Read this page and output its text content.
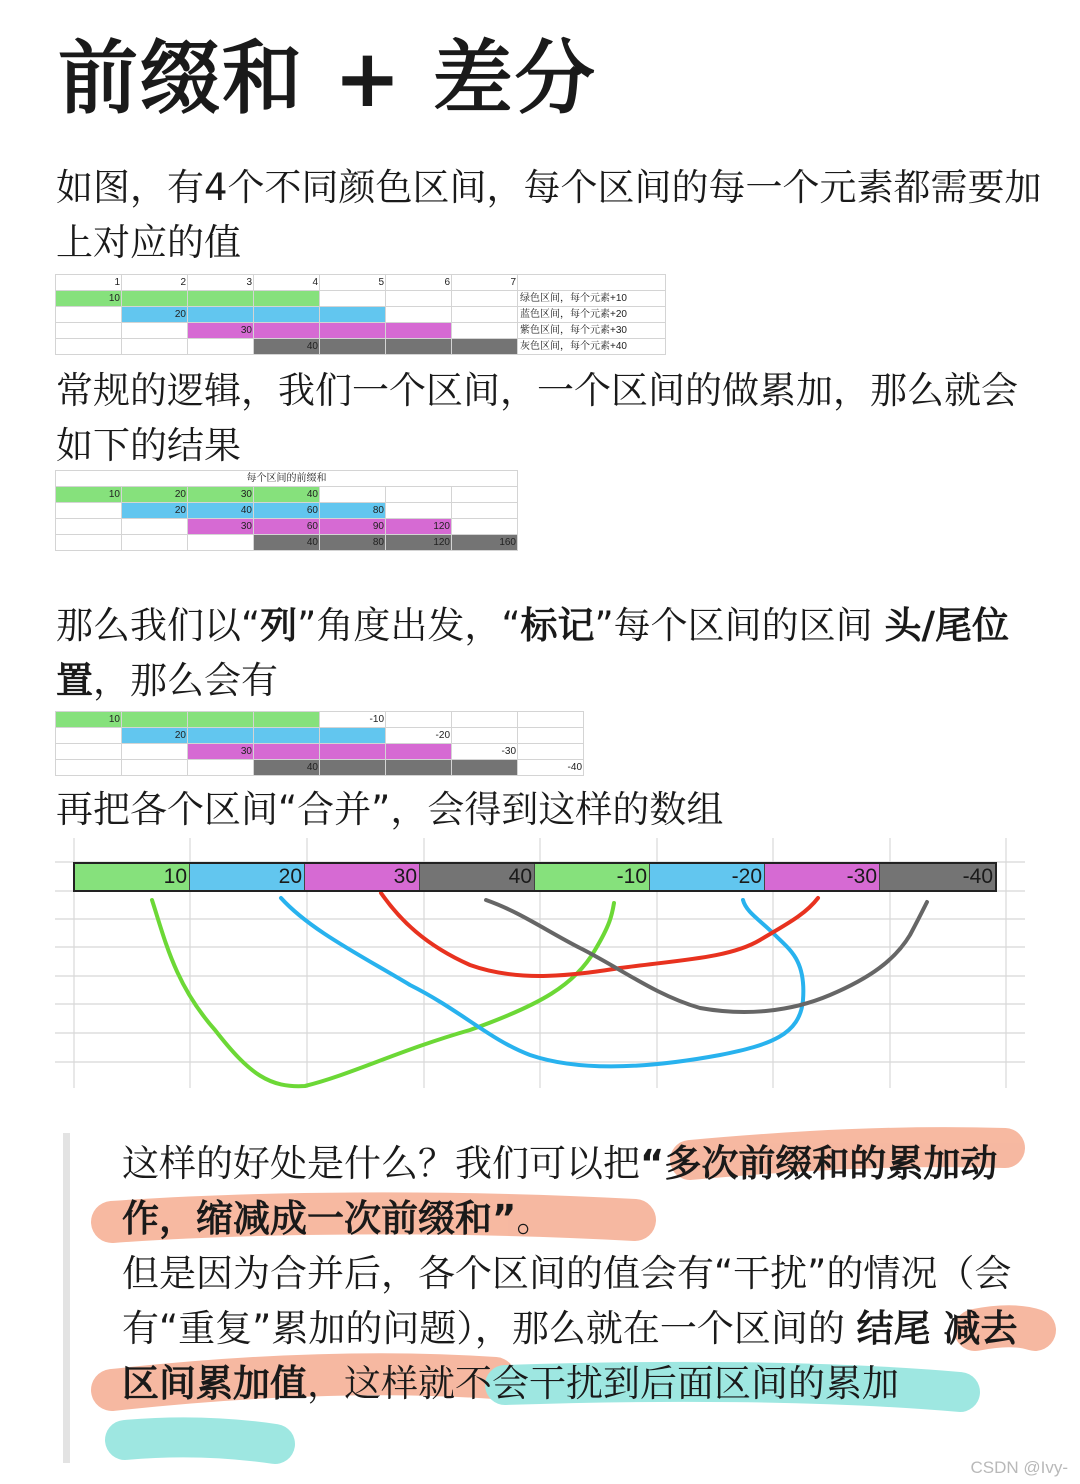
前缀和 + 差分
如图，有4个不同颜色区间，每个区间的每一个元素都需要加上对应的值
1	2	3	4	5	6	7	
10							绿色区间，每个元素+10
	20						蓝色区间，每个元素+20
		30					紫色区间，每个元素+30
			40				灰色区间，每个元素+40
常规的逻辑，我们一个区间，一个区间的做累加，那么就会如下的结果
每个区间的前缀和						
10	20	30	40			
	20	40	60	80		
		30	60	90	120	
			40	80	120	160
那么我们以“列”角度出发，“标记”每个区间的区间 头/尾位置，那么会有
10				-10			
	20				-20		
		30				-30	
			40				-40
再把各个区间“合并”，会得到这样的数组
10	20	30	40	-10	-20	-30	-40
这样的好处是什么？我们可以把“多次前缀和的累加动作，缩减成一次前缀和”。
但是因为合并后，各个区间的值会有“干扰”的情况（会有“重复”累加的问题），那么就在一个区间的 结尾 减去 区间累加值，这样就不会干扰到后面区间的累加
CSDN @Ivy-
